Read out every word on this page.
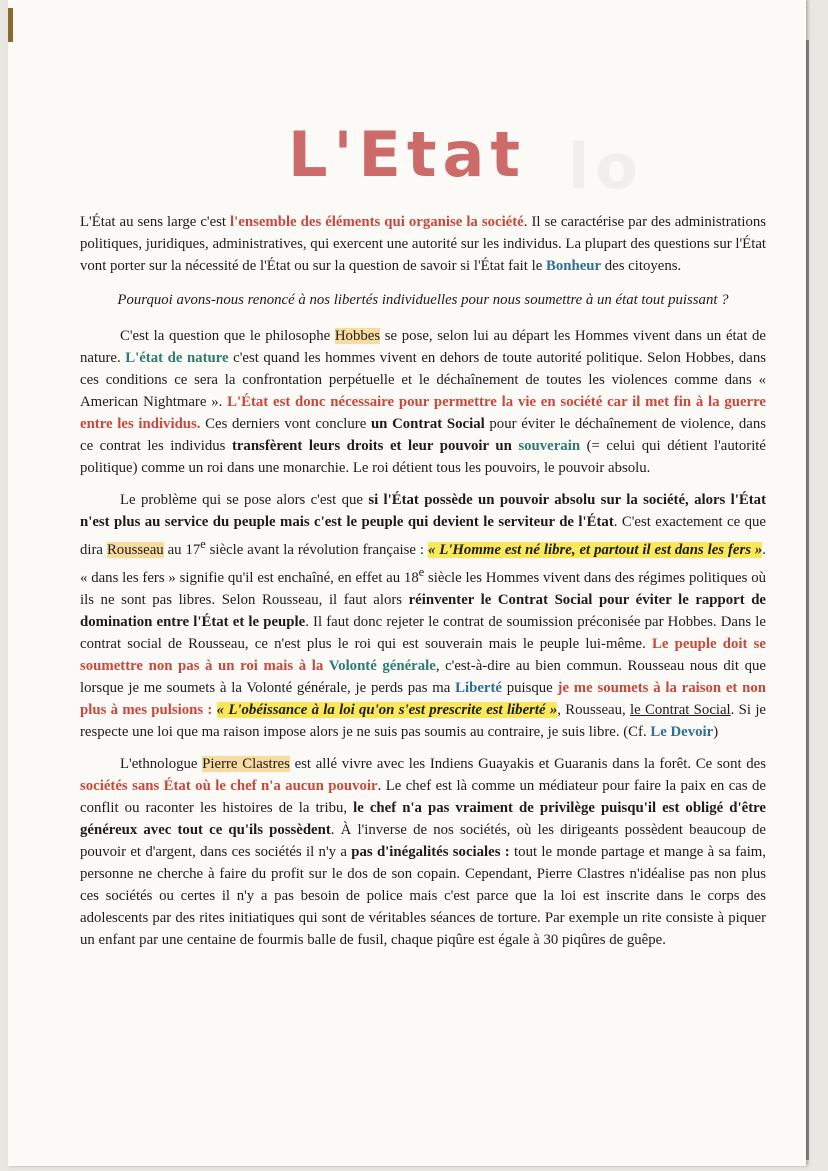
L'Etat

L'État au sens large c'est l'ensemble des éléments qui organise la société. Il se caractérise par des administrations politiques, juridiques, administratives, qui exercent une autorité sur les individus. La plupart des questions sur l'État vont porter sur la nécessité de l'État ou sur la question de savoir si l'État fait le Bonheur des citoyens.

Pourquoi avons-nous renoncé à nos libertés individuelles pour nous soumettre à un état tout puissant ?

C'est la question que le philosophe Hobbes se pose, selon lui au départ les Hommes vivent dans un état de nature. L'état de nature c'est quand les hommes vivent en dehors de toute autorité politique. Selon Hobbes, dans ces conditions ce sera la confrontation perpétuelle et le déchaînement de toutes les violences comme dans « American Nightmare ». L'État est donc nécessaire pour permettre la vie en société car il met fin à la guerre entre les individus. Ces derniers vont conclure un Contrat Social pour éviter le déchaînement de violence, dans ce contrat les individus transfèrent leurs droits et leur pouvoir un souverain (= celui qui détient l'autorité politique) comme un roi dans une monarchie. Le roi détient tous les pouvoirs, le pouvoir absolu.

Le problème qui se pose alors c'est que si l'État possède un pouvoir absolu sur la société, alors l'État n'est plus au service du peuple mais c'est le peuple qui devient le serviteur de l'État. C'est exactement ce que dira Rousseau au 17e siècle avant la révolution française : « L'Homme est né libre, et partout il est dans les fers ». « dans les fers » signifie qu'il est enchaîné, en effet au 18e siècle les Hommes vivent dans des régimes politiques où ils ne sont pas libres. Selon Rousseau, il faut alors réinventer le Contrat Social pour éviter le rapport de domination entre l'État et le peuple. Il faut donc rejeter le contrat de soumission préconisée par Hobbes. Dans le contrat social de Rousseau, ce n'est plus le roi qui est souverain mais le peuple lui-même. Le peuple doit se soumettre non pas à un roi mais à la Volonté générale, c'est-à-dire au bien commun. Rousseau nous dit que lorsque je me soumets à la Volonté générale, je perds pas ma Liberté puisque je me soumets à la raison et non plus à mes pulsions : « L'obéissance à la loi qu'on s'est prescrite est liberté », Rousseau, le Contrat Social. Si je respecte une loi que ma raison impose alors je ne suis pas soumis au contraire, je suis libre. (Cf. Le Devoir)

L'ethnologue Pierre Clastres est allé vivre avec les Indiens Guayakis et Guaranis dans la forêt. Ce sont des sociétés sans État où le chef n'a aucun pouvoir. Le chef est là comme un médiateur pour faire la paix en cas de conflit ou raconter les histoires de la tribu, le chef n'a pas vraiment de privilège puisqu'il est obligé d'être généreux avec tout ce qu'ils possèdent. À l'inverse de nos sociétés, où les dirigeants possèdent beaucoup de pouvoir et d'argent, dans ces sociétés il n'y a pas d'inégalités sociales : tout le monde partage et mange à sa faim, personne ne cherche à faire du profit sur le dos de son copain. Cependant, Pierre Clastres n'idéalise pas non plus ces sociétés ou certes il n'y a pas besoin de police mais c'est parce que la loi est inscrite dans le corps des adolescents par des rites initiatiques qui sont de véritables séances de torture. Par exemple un rite consiste à piquer un enfant par une centaine de fourmis balle de fusil, chaque piqûre est égale à 30 piqûres de guêpe.
